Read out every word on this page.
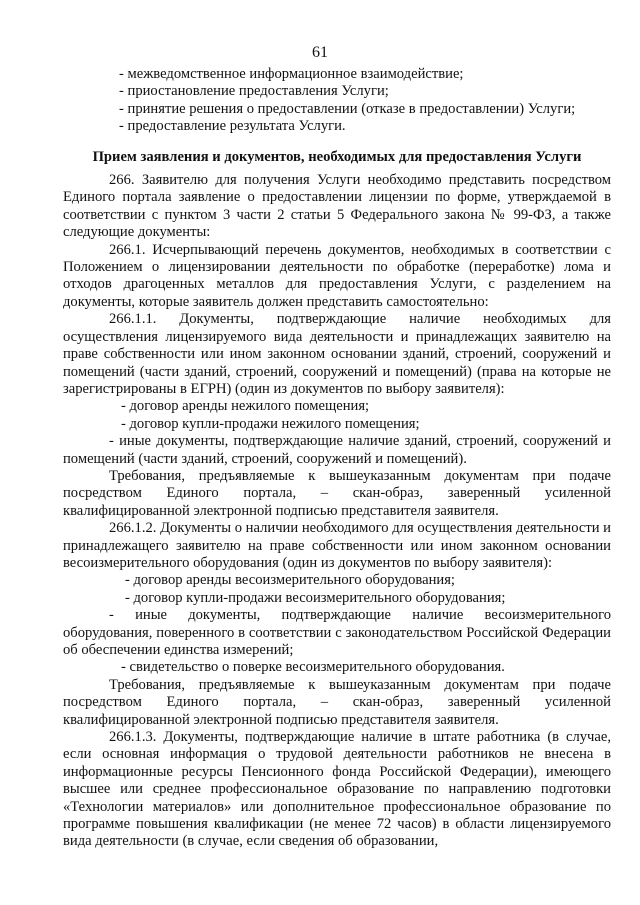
61

- межведомственное информационное взаимодействие;

- приостановление предоставления Услуги;

- принятие решения о предоставлении (отказе в предоставлении) Услуги;

- предоставление результата Услуги.

Прием заявления и документов, необходимых для предоставления Услуги

266. Заявителю для получения Услуги необходимо представить посредством Единого портала заявление о предоставлении лицензии по форме, утверждаемой в соответствии с пунктом 3 части 2 статьи 5 Федерального закона № 99-ФЗ, а также следующие документы:

266.1. Исчерпывающий перечень документов, необходимых в соответствии с Положением о лицензировании деятельности по обработке (переработке) лома и отходов драгоценных металлов для предоставления Услуги, с разделением на документы, которые заявитель должен представить самостоятельно:

266.1.1. Документы, подтверждающие наличие необходимых для осуществления лицензируемого вида деятельности и принадлежащих заявителю на праве собственности или ином законном основании зданий, строений, сооружений и помещений (части зданий, строений, сооружений и помещений) (права на которые не зарегистрированы в ЕГРН) (один из документов по выбору заявителя):

- договор аренды нежилого помещения;

- договор купли-продажи нежилого помещения;

- иные документы, подтверждающие наличие зданий, строений, сооружений и помещений (части зданий, строений, сооружений и помещений).

Требования, предъявляемые к вышеуказанным документам при подаче посредством Единого портала, – скан-образ, заверенный усиленной квалифицированной электронной подписью представителя заявителя.

266.1.2. Документы о наличии необходимого для осуществления деятельности и принадлежащего заявителю на праве собственности или ином законном основании весоизмерительного оборудования (один из документов по выбору заявителя):

- договор аренды весоизмерительного оборудования;

- договор купли-продажи весоизмерительного оборудования;

- иные документы, подтверждающие наличие весоизмерительного оборудования, поверенного в соответствии с законодательством Российской Федерации об обеспечении единства измерений;

- свидетельство о поверке весоизмерительного оборудования.

Требования, предъявляемые к вышеуказанным документам при подаче посредством Единого портала, – скан-образ, заверенный усиленной квалифицированной электронной подписью представителя заявителя.

266.1.3. Документы, подтверждающие наличие в штате работника (в случае, если основная информация о трудовой деятельности работников не внесена в информационные ресурсы Пенсионного фонда Российской Федерации), имеющего высшее или среднее профессиональное образование по направлению подготовки «Технологии материалов» или дополнительное профессиональное образование по программе повышения квалификации (не менее 72 часов) в области лицензируемого вида деятельности (в случае, если сведения об образовании,
